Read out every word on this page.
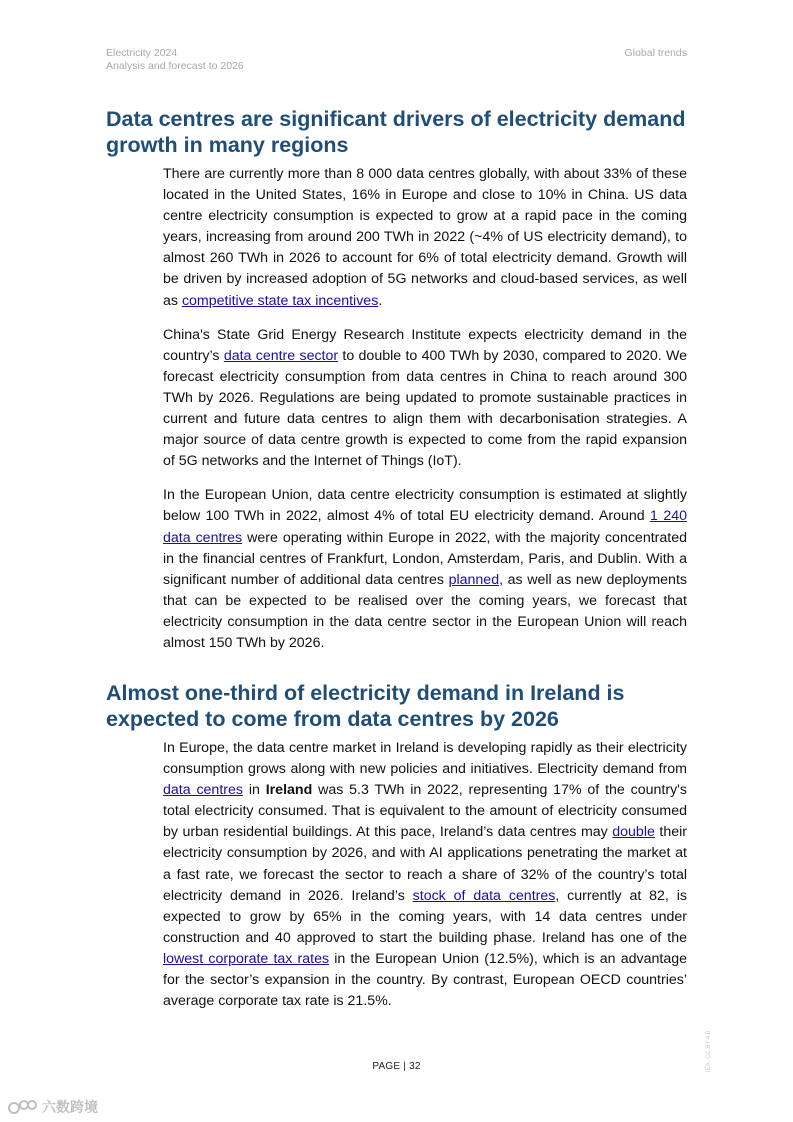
Electricity 2024
Analysis and forecast to 2026
Global trends
Data centres are significant drivers of electricity demand growth in many regions

There are currently more than 8 000 data centres globally, with about 33% of these located in the United States, 16% in Europe and close to 10% in China. US data centre electricity consumption is expected to grow at a rapid pace in the coming years, increasing from around 200 TWh in 2022 (~4% of US electricity demand), to almost 260 TWh in 2026 to account for 6% of total electricity demand. Growth will be driven by increased adoption of 5G networks and cloud-based services, as well as competitive state tax incentives.

China's State Grid Energy Research Institute expects electricity demand in the country’s data centre sector to double to 400 TWh by 2030, compared to 2020. We forecast electricity consumption from data centres in China to reach around 300 TWh by 2026. Regulations are being updated to promote sustainable practices in current and future data centres to align them with decarbonisation strategies. A major source of data centre growth is expected to come from the rapid expansion of 5G networks and the Internet of Things (IoT).

In the European Union, data centre electricity consumption is estimated at slightly below 100 TWh in 2022, almost 4% of total EU electricity demand. Around 1 240 data centres were operating within Europe in 2022, with the majority concentrated in the financial centres of Frankfurt, London, Amsterdam, Paris, and Dublin. With a significant number of additional data centres planned, as well as new deployments that can be expected to be realised over the coming years, we forecast that electricity consumption in the data centre sector in the European Union will reach almost 150 TWh by 2026.

Almost one-third of electricity demand in Ireland is expected to come from data centres by 2026

In Europe, the data centre market in Ireland is developing rapidly as their electricity consumption grows along with new policies and initiatives. Electricity demand from data centres in Ireland was 5.3 TWh in 2022, representing 17% of the country's total electricity consumed. That is equivalent to the amount of electricity consumed by urban residential buildings. At this pace, Ireland’s data centres may double their electricity consumption by 2026, and with AI applications penetrating the market at a fast rate, we forecast the sector to reach a share of 32% of the country’s total electricity demand in 2026. Ireland’s stock of data centres, currently at 82, is expected to grow by 65% in the coming years, with 14 data centres under construction and 40 approved to start the building phase. Ireland has one of the lowest corporate tax rates in the European Union (12.5%), which is an advantage for the sector’s expansion in the country. By contrast, European OECD countries’ average corporate tax rate is 21.5%.

PAGE | 32	IEA. CC BY 4.0.
六数跨境
